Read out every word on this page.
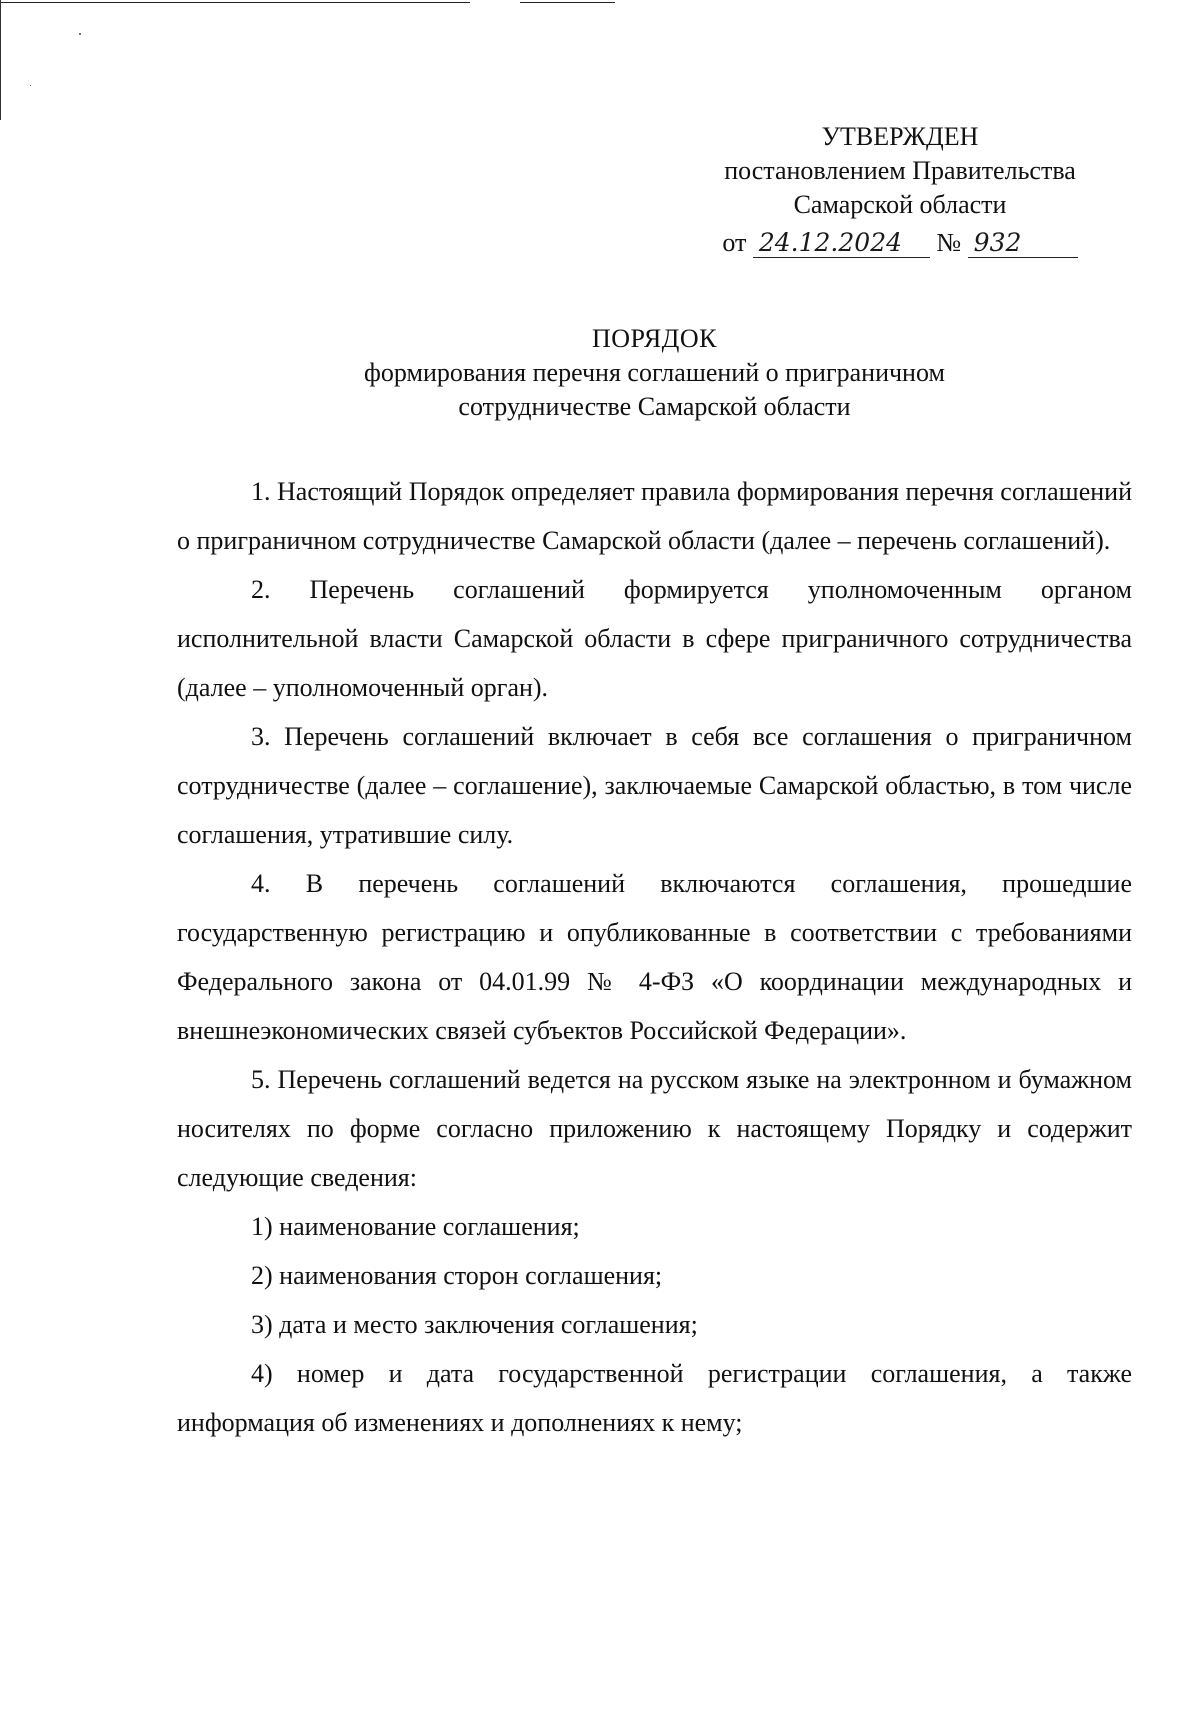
УТВЕРЖДЕН
постановлением Правительства
Самарской области
от 24.12.2024 № 932
ПОРЯДОК
формирования перечня соглашений о приграничном
сотрудничестве Самарской области

1. Настоящий Порядок определяет правила формирования перечня соглашений о приграничном сотрудничестве Самарской области (далее – перечень соглашений).

2. Перечень соглашений формируется уполномоченным органом исполнительной власти Самарской области в сфере приграничного сотрудничества (далее – уполномоченный орган).

3. Перечень соглашений включает в себя все соглашения о приграничном сотрудничестве (далее – соглашение), заключаемые Самарской областью, в том числе соглашения, утратившие силу.

4. В перечень соглашений включаются соглашения, прошедшие государственную регистрацию и опубликованные в соответствии с требованиями Федерального закона от 04.01.99 № 4-ФЗ «О координации международных и внешнеэкономических связей субъектов Российской Федерации».

5. Перечень соглашений ведется на русском языке на электронном и бумажном носителях по форме согласно приложению к настоящему Порядку и содержит следующие сведения:

1) наименование соглашения;

2) наименования сторон соглашения;

3) дата и место заключения соглашения;

4) номер и дата государственной регистрации соглашения, а также информация об изменениях и дополнениях к нему;
